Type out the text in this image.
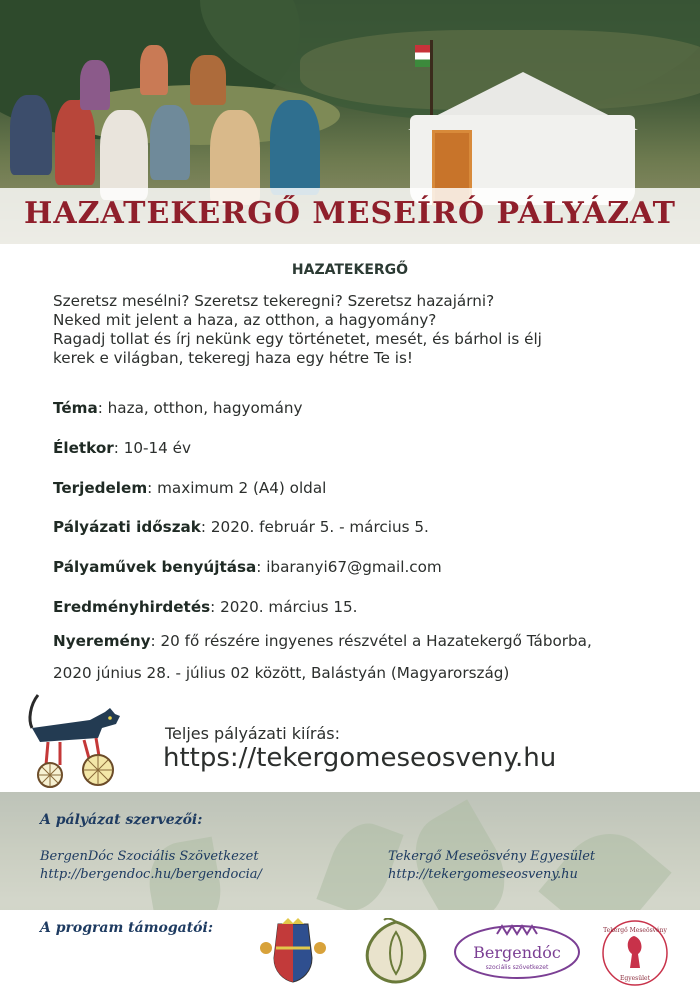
HAZATEKERGŐ MESEÍRÓ PÁLYÁZAT
HAZATEKERGŐ

Szeretsz mesélni? Szeretsz tekeregni? Szeretsz hazajárni?

Neked mit jelent a haza, az otthon, a hagyomány?

Ragadj tollat és írj nekünk egy történetet, mesét, és bárhol is élj

kerek e világban, tekeregj haza egy hétre Te is!

Téma: haza, otthon, hagyomány
Életkor: 10-14 év
Terjedelem: maximum 2 (A4) oldal
Pályázati időszak: 2020. február 5. - március 5.
Pályaművek benyújtása: ibaranyi67@gmail.com
Eredményhirdetés: 2020. március 15.
Nyeremény: 20 fő részére ingyenes részvétel a Hazatekergő Táborba,
2020 június 28. - július 02 között, Balástyán (Magyarország)
Teljes pályázati kiírás:
https://tekergomeseosveny.hu
A pályázat szervezői:
BergenDóc Szociális Szövetkezet
http://bergendoc.hu/bergendocia/
Tekergő Meseösvény Egyesület
http://tekergomeseosveny.hu
A program támogatói:
Bergendóc
szociális szövetkezet
Tekergő Meseösvény
Egyesület
